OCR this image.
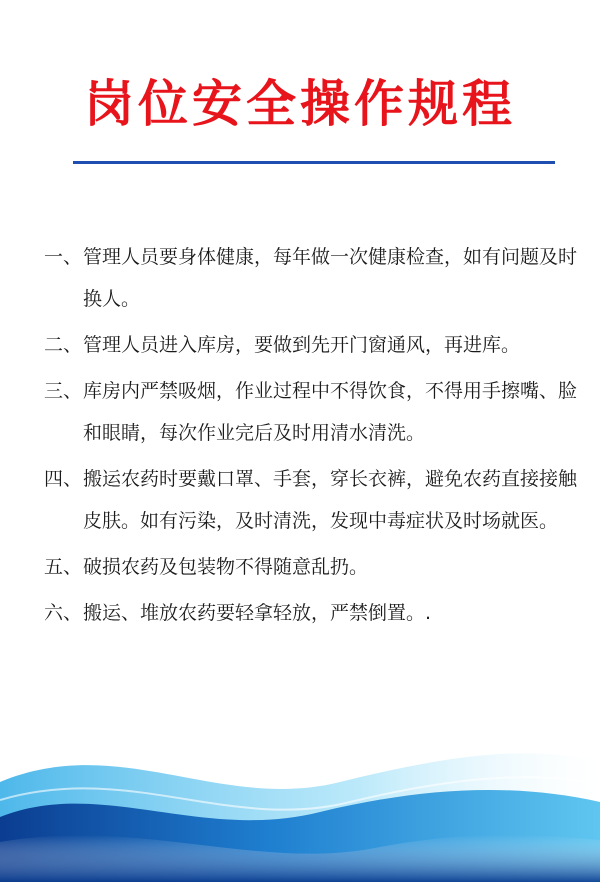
岗位安全操作规程
一、 管理人员要身体健康，每年做一次健康检查，如有问题及时换人。
二、 管理人员进入库房，要做到先开门窗通风，再进库。
三、 库房内严禁吸烟，作业过程中不得饮食，不得用手擦嘴、脸和眼睛，每次作业完后及时用清水清洗。
四、 搬运农药时要戴口罩、手套，穿长衣裤，避免农药直接接触皮肤。如有污染，及时清洗，发现中毒症状及时场就医。
五、 破损农药及包装物不得随意乱扔。
六、 搬运、堆放农药要轻拿轻放，严禁倒置。.
